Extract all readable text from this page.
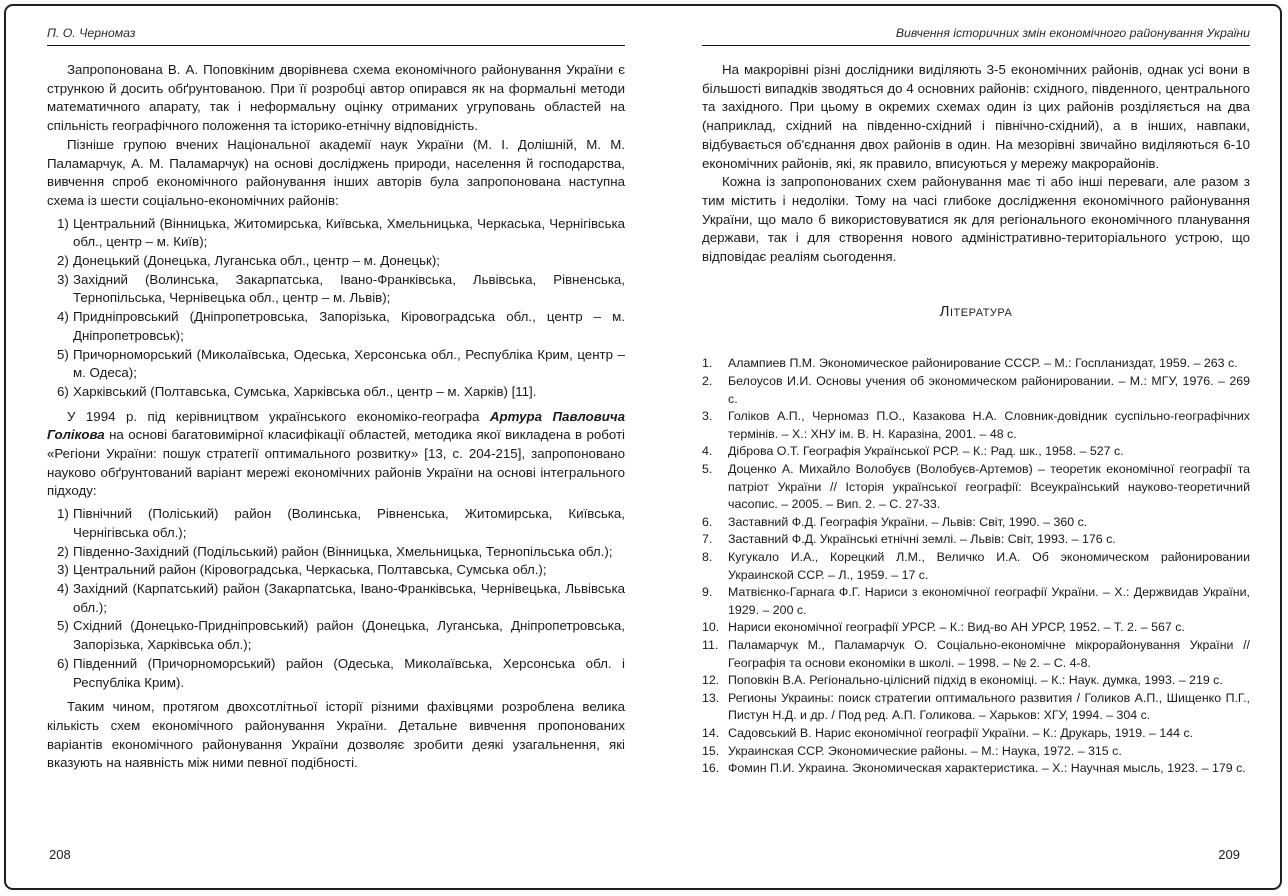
П. О. Черномаз

Запропонована В. А. Поповкіним дворівнева схема економічного районування України є стрункою й досить обґрунтованою. При її розробці автор опирався як на формальні методи математичного апарату, так і неформальну оцінку отриманих угруповань областей на спільність географічного положення та історико-етнічну відповідність.

Пізніше групою вчених Національної академії наук України (М. І. Долішній, М. М. Паламарчук, А. М. Паламарчук) на основі досліджень природи, населення й господарства, вивчення спроб економічного районування інших авторів була запропонована наступна схема із шести соціально-економічних районів:

1) Центральний (Вінницька, Житомирська, Київська, Хмельницька, Черкаська, Чернігівська обл., центр – м. Київ);
2) Донецький (Донецька, Луганська обл., центр – м. Донецьк);
3) Західний (Волинська, Закарпатська, Івано-Франківська, Львівська, Рівненська, Тернопільська, Чернівецька обл., центр – м. Львів);
4) Придніпровський (Дніпропетровська, Запорізька, Кіровоградська обл., центр – м. Дніпропетровськ);
5) Причорноморський (Миколаївська, Одеська, Херсонська обл., Республіка Крим, центр – м. Одеса);
6) Харківський (Полтавська, Сумська, Харківська обл., центр – м. Харків) [11].

У 1994 р. під керівництвом українського економіко-географа Артура Павловича Голікова на основі багатовимірної класифікації областей, методика якої викладена в роботі «Регіони України: пошук стратегії оптимального розвитку» [13, с. 204-215], запропоновано науково обґрунтований варіант мережі економічних районів України на основі інтегрального підходу:

1) Північний (Поліський) район (Волинська, Рівненська, Житомирська, Київська, Чернігівська обл.);
2) Південно-Західний (Подільський) район (Вінницька, Хмельницька, Тернопільська обл.);
3) Центральний район (Кіровоградська, Черкаська, Полтавська, Сумська обл.);
4) Західний (Карпатський) район (Закарпатська, Івано-Франківська, Чернівецька, Львівська обл.);
5) Східний (Донецько-Придніпровський) район (Донецька, Луганська, Дніпропетровська, Запорізька, Харківська обл.);
6) Південний (Причорноморський) район (Одеська, Миколаївська, Херсонська обл. і Республіка Крим).

Таким чином, протягом двохсотлітньої історії різними фахівцями розроблена велика кількість схем економічного районування України. Детальне вивчення пропонованих варіантів економічного районування України дозволяє зробити деякі узагальнення, які вказують на наявність між ними певної подібності.

Вивчення історичних змін економічного районування України

На макрорівні різні дослідники виділяють 3-5 економічних районів, однак усі вони в більшості випадків зводяться до 4 основних районів: східного, південного, центрального та західного. При цьому в окремих схемах один із цих районів розділяється на два (наприклад, східний на південно-східний і північно-східний), а в інших, навпаки, відбувається об'єднання двох районів в один. На мезорівні звичайно виділяються 6-10 економічних районів, які, як правило, вписуються у мережу макрорайонів.

Кожна із запропонованих схем районування має ті або інші переваги, але разом з тим містить і недоліки. Тому на часі глибоке дослідження економічного районування України, що мало б використовуватися як для регіонального економічного планування держави, так і для створення нового адміністративно-територіального устрою, що відповідає реаліям сьогодення.

Література
1.	Алампиев П.М. Экономическое районирование СССР. – М.: Госпланиздат, 1959. – 263 с.
2.	Белоусов И.И. Основы учения об экономическом районировании. – М.: МГУ, 1976. – 269 с.
3.	Голіков А.П., Черномаз П.О., Казакова Н.А. Словник-довідник суспільно-географічних термінів. – Х.: ХНУ ім. В. Н. Каразіна, 2001. – 48 с.
4.	Діброва О.Т. Географія Української РСР. – К.: Рад. шк., 1958. – 527 с.
5.	Доценко А. Михайло Волобуєв (Волобуєв-Артемов) – теоретик економічної географії та патріот України // Історія української географії: Всеукраїнський науково-теоретичний часопис. – 2005. – Вип. 2. – С. 27-33.
6.	Заставний Ф.Д. Географія України. – Львів: Світ, 1990. – 360 с.
7.	Заставний Ф.Д. Українські етнічні землі. – Львів: Світ, 1993. – 176 с.
8.	Кугукало И.А., Корецкий Л.М., Величко И.А. Об экономическом районировании Украинской ССР. – Л., 1959. – 17 с.
9.	Матвієнко-Гарнага Ф.Г. Нариси з економічної географії України. – Х.: Держвидав України, 1929. – 200 с.
10. Нариси економічної географії УРСР. – К.: Вид-во АН УРСР, 1952. – Т. 2. – 567 с.
11. Паламарчук М., Паламарчук О. Соціально-економічне мікрорайонування України // Географія та основи економіки в школі. – 1998. – № 2. – С. 4-8.
12. Поповкін В.А. Регіонально-цілісний підхід в економіці. – К.: Наук. думка, 1993. – 219 с.
13. Регионы Украины: поиск стратегии оптимального развития / Голиков А.П., Шищенко П.Г., Пистун Н.Д. и др. / Под ред. А.П. Голикова. – Харьков: ХГУ, 1994. – 304 с.
14. Садовський В. Нарис економічної географії України. – К.: Друкарь, 1919. – 144 с.
15. Украинская ССР. Экономические районы. – М.: Наука, 1972. – 315 с.
16. Фомин П.И. Украина. Экономическая характеристика. – Х.: Научная мысль, 1923. – 179 с.
208	209
